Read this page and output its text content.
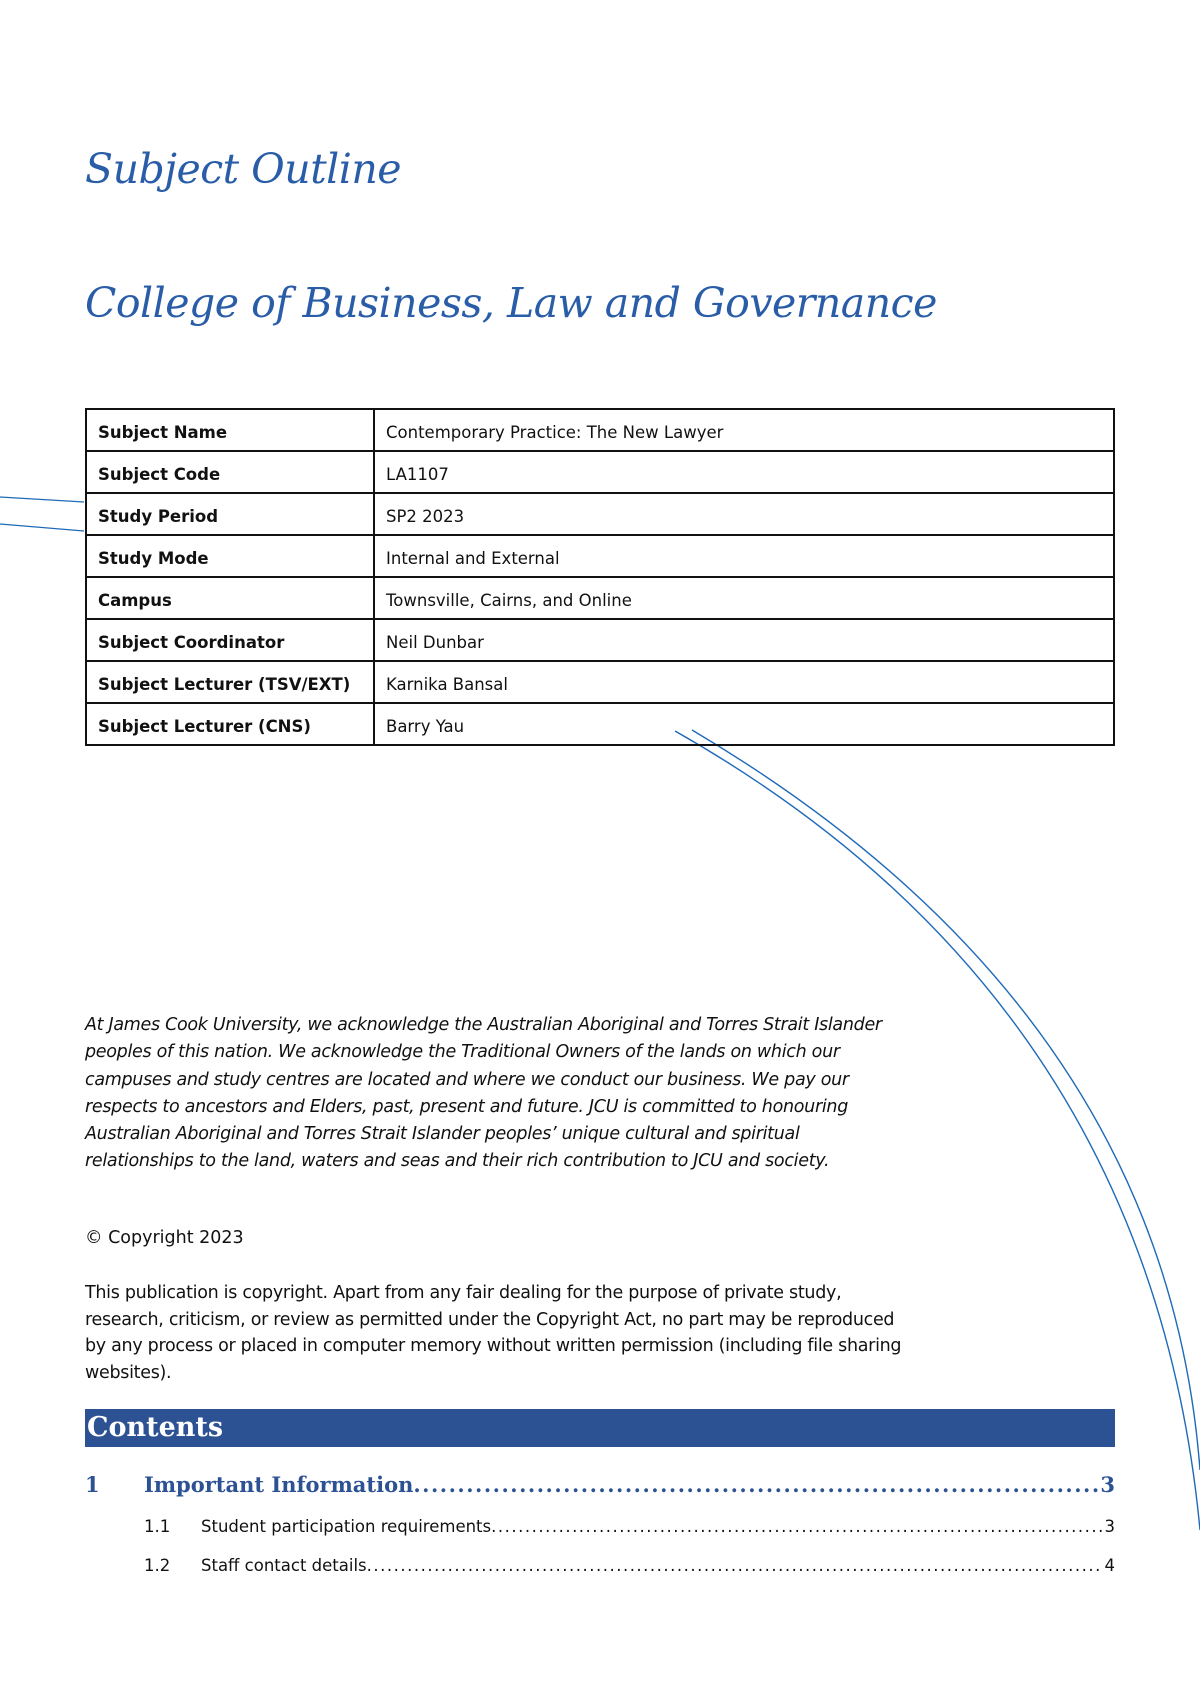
Subject Outline
College of Business, Law and Governance
Subject Name	Contemporary Practice: The New Lawyer
Subject Code	LA1107
Study Period	SP2 2023
Study Mode	Internal and External
Campus	Townsville, Cairns, and Online
Subject Coordinator	Neil Dunbar
Subject Lecturer (TSV/EXT)	Karnika Bansal
Subject Lecturer (CNS)	Barry Yau

At James Cook University, we acknowledge the Australian Aboriginal and Torres Strait Islander peoples of this nation. We acknowledge the Traditional Owners of the lands on which our campuses and study centres are located and where we conduct our business. We pay our respects to ancestors and Elders, past, present and future. JCU is committed to honouring Australian Aboriginal and Torres Strait Islander peoples’ unique cultural and spiritual relationships to the land, waters and seas and their rich contribution to JCU and society.

© Copyright 2023

This publication is copyright. Apart from any fair dealing for the purpose of private study, research, criticism, or review as permitted under the Copyright Act, no part may be reproduced by any process or placed in computer memory without written permission (including file sharing websites).

Contents
1	Important Information .....	3
1.1	Student participation requirements .....	3
1.2	Staff contact details .....	4
